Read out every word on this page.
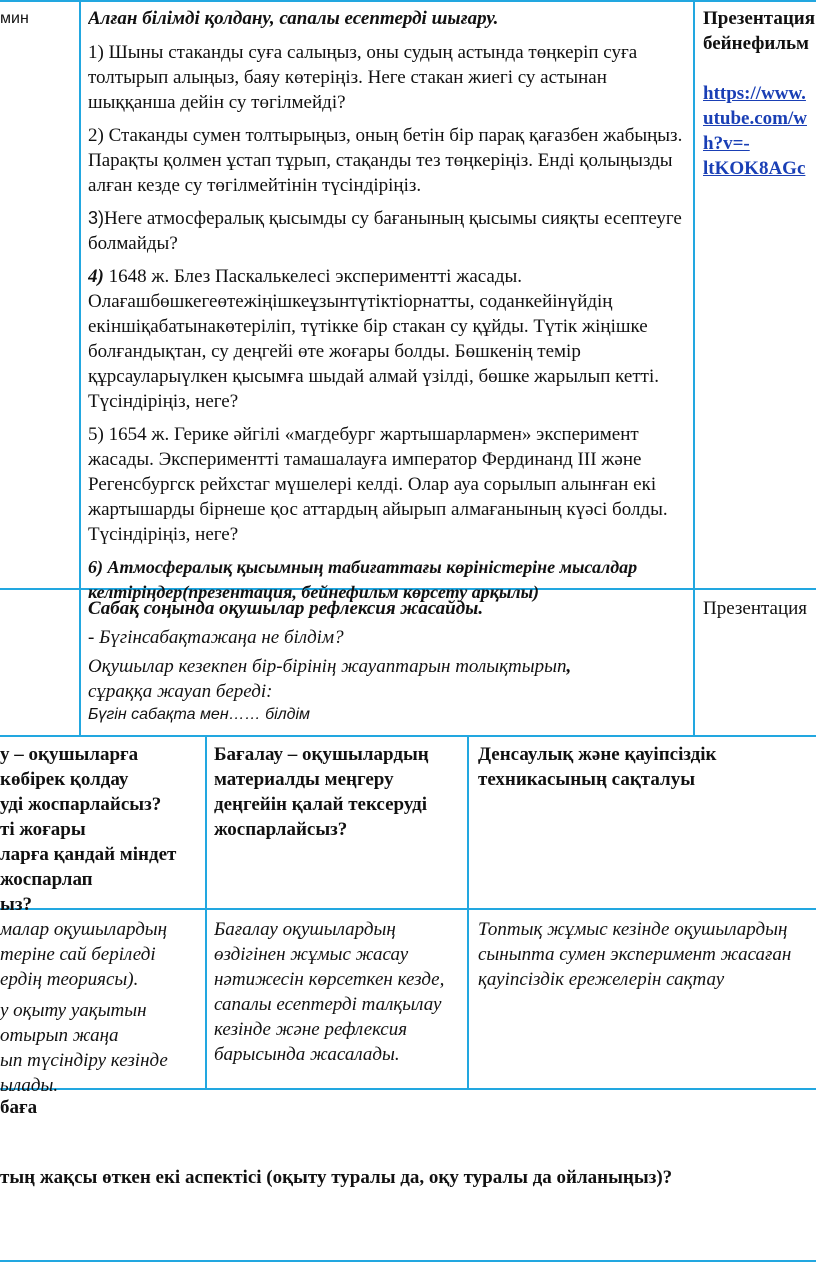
мин	Алған білімді қолдану, сапалы есептерді шығару.

1) Шыны стаканды суға салыңыз, оны судың астында төңкеріп суға толтырып алыңыз, баяу көтеріңіз. Неге стакан жиегі су астынан шыққанша дейін су төгілмейді?

2) Стаканды сумен толтырыңыз, оның бетін бір парақ қағазбен жабыңыз. Парақты қолмен ұстап тұрып, стақанды тез төңкеріңіз. Енді қолыңызды алған кезде су төгілмейтінін түсіндіріңіз.

3)Неге атмосфералық қысымды су бағанының қысымы сияқты есептеуге болмайды?

4) 1648 ж. Блез Паскалькелесі экспериментті жасады. Олағашбөшкегеөтежіңішкеұзынтүтіктіорнатты, соданкейінүйдің екіншіқабатынакөтеріліп, түтікке бір стакан су құйды. Түтік жіңішке болғандықтан, су деңгейі өте жоғары болды. Бөшкенің темір құрсауларыүлкен қысымға шыдай алмай үзілді, бөшке жарылып кетті. Түсіндіріңіз, неге?

5) 1654 ж. Герике әйгілі «магдебург жартышарлармен» эксперимент жасады. Экспериментті тамашалауға император Фердинанд ІІІ және Регенсбургск рейхстаг мүшелері келді. Олар ауа сорылып алынған екі жартышарды бірнеше қос аттардың айырып алмағанының күәсі болды. Түсіндіріңіз, неге?

6) Атмосфералық қысымның табиғаттағы көріністеріне мысалдар келтіріңдер(презентация, бейнефильм көрсету арқылы)

Презентация

бейнефильм

https://www.
utube.com/w
h?v=-
ltKOK8AGc

Сабақ соңында оқушылар рефлексия жасайды.

- Бүгінсабақтажаңа не білдім?

Оқушылар кезекпен бір-бірінің жауаптарын толықтырып,
сұраққа жауап береді:

Бүгін сабақта мен…… білдім

Презентация

у – оқушыларға

көбірек қолдау

уді жоспарлайсыз?

ті жоғары

ларға қандай міндет

жоспарлап

ыз?

Бағалау – оқушылардың материалды меңгеру деңгейін қалай тексеруді жоспарлайсыз?

Денсаулық және қауіпсіздік техникасының сақталуы

малар оқушылардың

теріне сай беріледі

ердің теориясы).

у оқыту уақытын

отырып жаңа

ып түсіндіру кезінде

ылады.

Бағалау оқушылардың өздігінен жұмыс жасау нәтижесін көрсеткен кезде, сапалы есептерді талқылау кезінде және рефлексия барысында жасалады.

Топтық жұмыс кезінде оқушылардың сыныпта сумен эксперимент жасаған қауіпсіздік ережелерін сақтау

баға

тың жақсы өткен екі аспектісі (оқыту туралы да, оқу туралы да ойланыңыз)?
